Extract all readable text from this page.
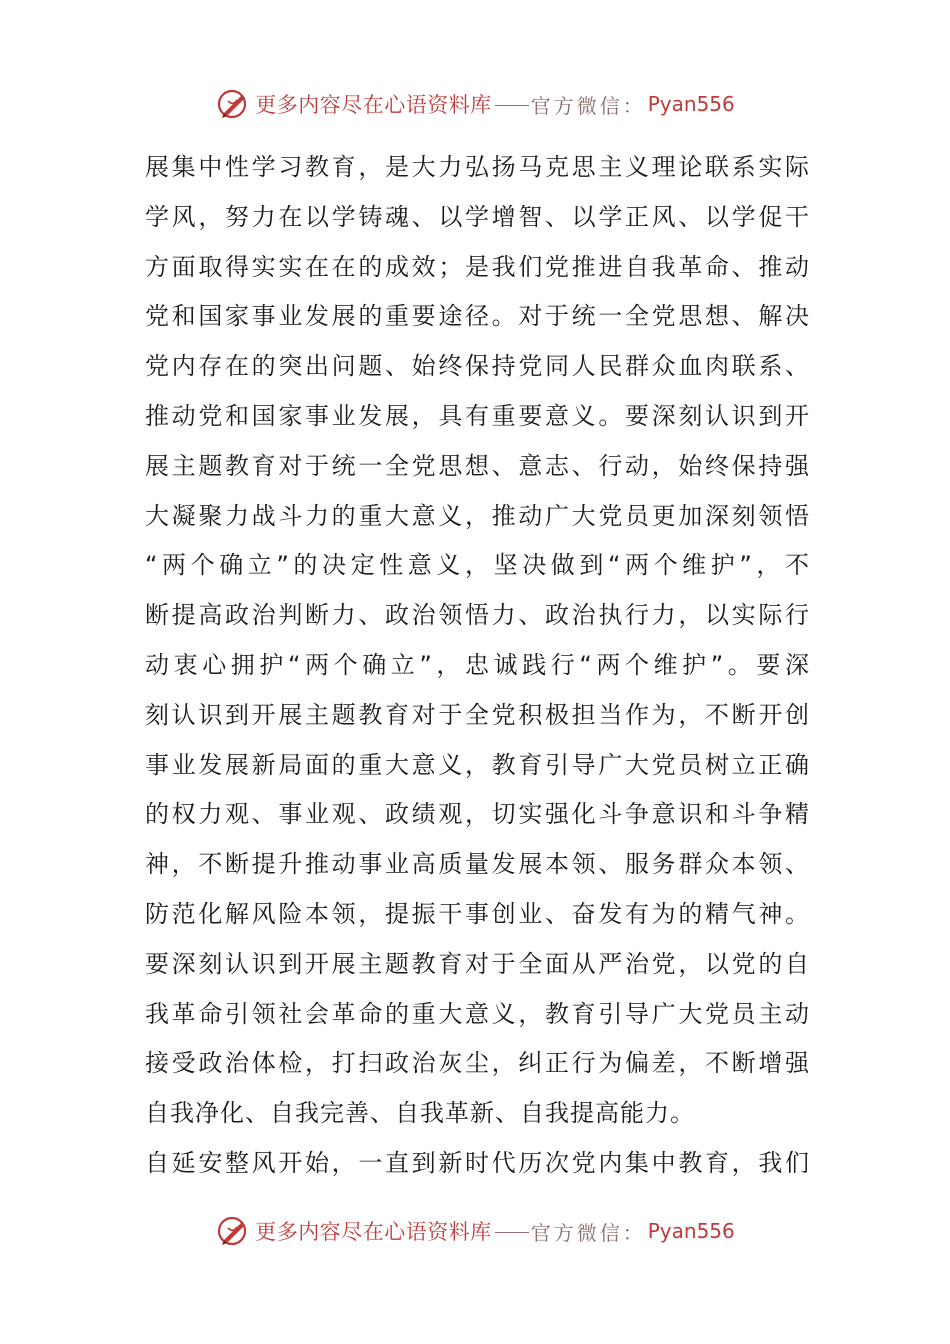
更多内容尽在心语资料库 官方微信： Pyan556
展集中性学习教育，是大力弘扬马克思主义理论联系实际
学风，努力在以学铸魂、以学增智、以学正风、以学促干
方面取得实实在在的成效；是我们党推进自我革命、推动
党和国家事业发展的重要途径。对于统一全党思想、解决
党内存在的突出问题、始终保持党同人民群众血肉联系、
推动党和国家事业发展，具有重要意义。要深刻认识到开
展主题教育对于统一全党思想、意志、行动，始终保持强
大凝聚力战斗力的重大意义，推动广大党员更加深刻领悟
“两个确立”的决定性意义，坚决做到“两个维护”，不
断提高政治判断力、政治领悟力、政治执行力，以实际行
动衷心拥护“两个确立”，忠诚践行“两个维护”。要深
刻认识到开展主题教育对于全党积极担当作为，不断开创
事业发展新局面的重大意义，教育引导广大党员树立正确
的权力观、事业观、政绩观，切实强化斗争意识和斗争精
神，不断提升推动事业高质量发展本领、服务群众本领、
防范化解风险本领，提振干事创业、奋发有为的精气神。
要深刻认识到开展主题教育对于全面从严治党，以党的自
我革命引领社会革命的重大意义，教育引导广大党员主动
接受政治体检，打扫政治灰尘，纠正行为偏差，不断增强
自我净化、自我完善、自我革新、自我提高能力。
自延安整风开始，一直到新时代历次党内集中教育，我们
更多内容尽在心语资料库 官方微信： Pyan556
